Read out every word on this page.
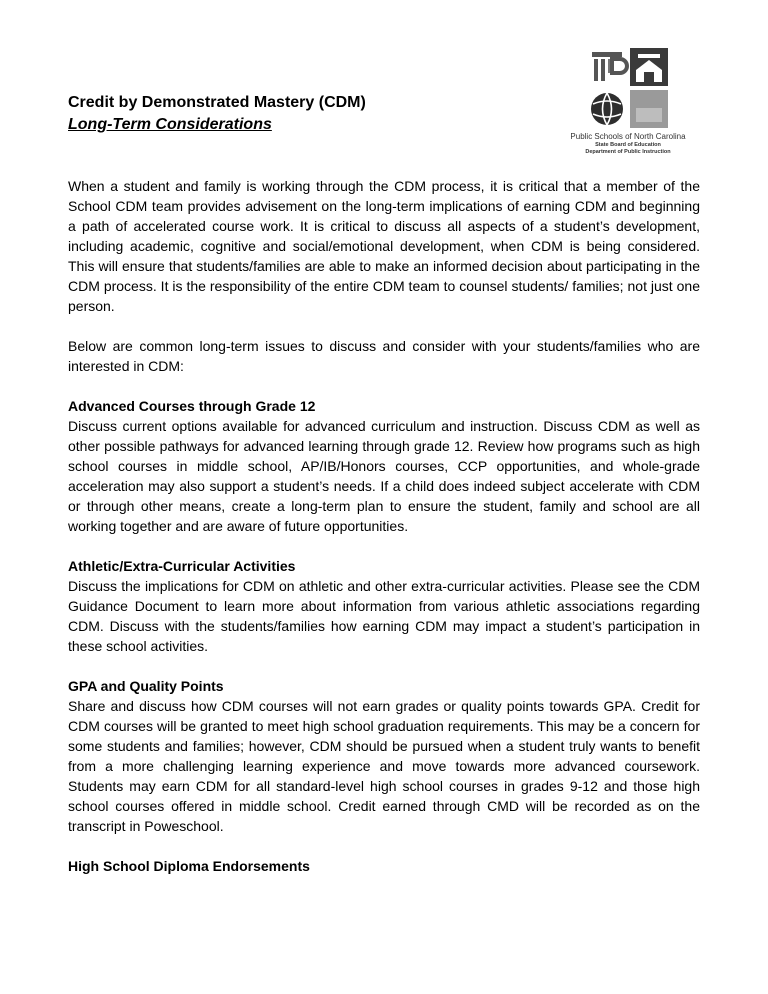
Credit by Demonstrated Mastery (CDM)

Long-Term Considerations

Public Schools of North Carolina
State Board of Education
Department of Public Instruction

When a student and family is working through the CDM process, it is critical that a member of the School CDM team provides advisement on the long-term implications of earning CDM and beginning a path of accelerated course work. It is critical to discuss all aspects of a student’s development, including academic, cognitive and social/emotional development, when CDM is being considered. This will ensure that students/families are able to make an informed decision about participating in the CDM process. It is the responsibility of the entire CDM team to counsel students/ families; not just one person.

Below are common long-term issues to discuss and consider with your students/families who are interested in CDM:

Advanced Courses through Grade 12

Discuss current options available for advanced curriculum and instruction. Discuss CDM as well as other possible pathways for advanced learning through grade 12. Review how programs such as high school courses in middle school, AP/IB/Honors courses, CCP opportunities, and whole-grade acceleration may also support a student’s needs. If a child does indeed subject accelerate with CDM or through other means, create a long-term plan to ensure the student, family and school are all working together and are aware of future opportunities.

Athletic/Extra-Curricular Activities

Discuss the implications for CDM on athletic and other extra-curricular activities. Please see the CDM Guidance Document to learn more about information from various athletic associations regarding CDM. Discuss with the students/families how earning CDM may impact a student’s participation in these school activities.

GPA and Quality Points

Share and discuss how CDM courses will not earn grades or quality points towards GPA. Credit for CDM courses will be granted to meet high school graduation requirements. This may be a concern for some students and families; however, CDM should be pursued when a student truly wants to benefit from a more challenging learning experience and move towards more advanced coursework. Students may earn CDM for all standard-level high school courses in grades 9-12 and those high school courses offered in middle school. Credit earned through CMD will be recorded as on the transcript in Poweschool.

High School Diploma Endorsements
